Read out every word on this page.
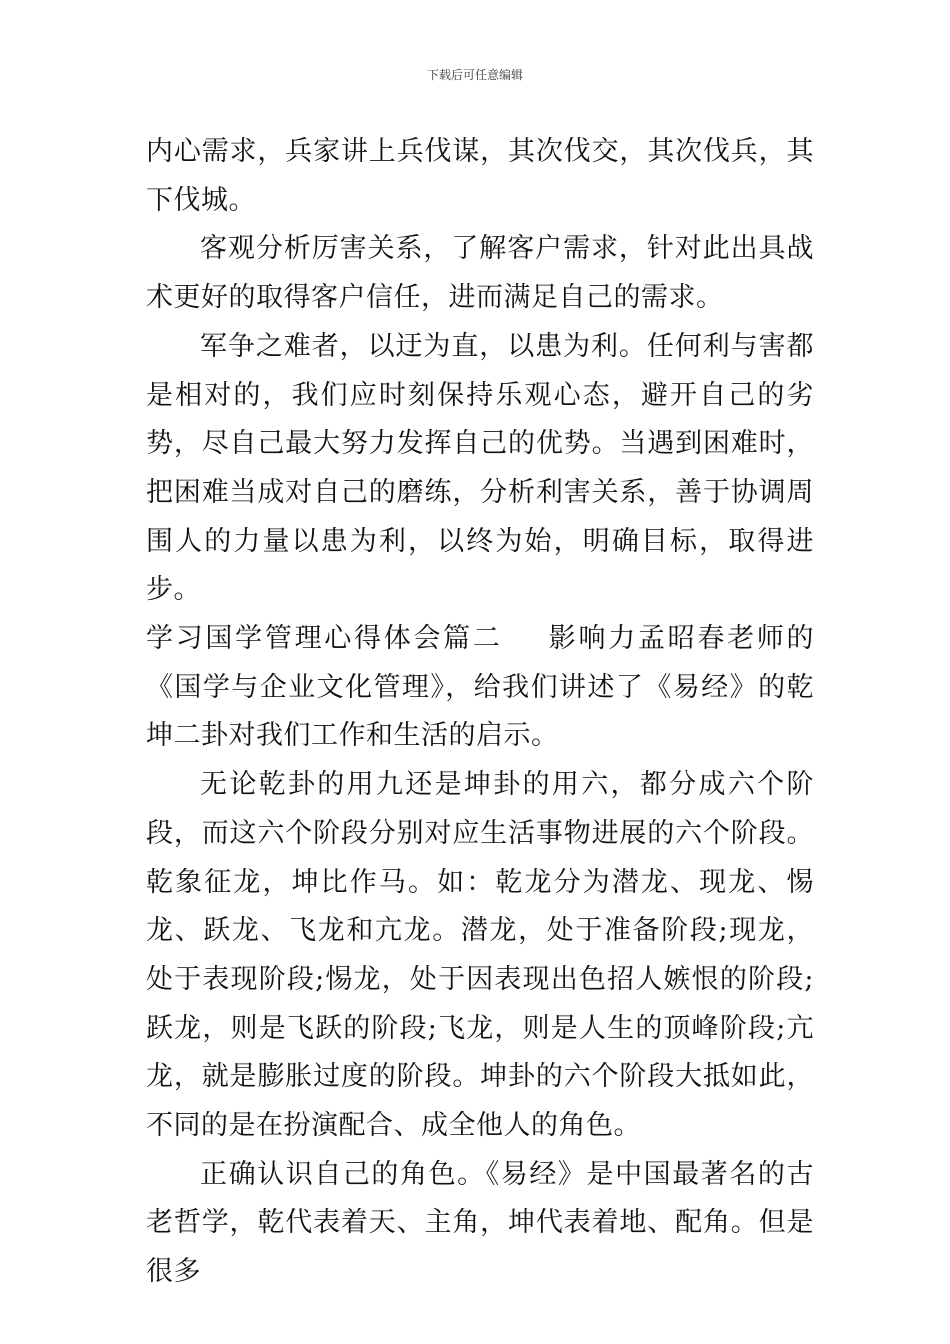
下载后可任意编辑

内心需求，兵家讲上兵伐谋，其次伐交，其次伐兵，其下伐城。

客观分析厉害关系，了解客户需求，针对此出具战术更好的取得客户信任，进而满足自己的需求。

军争之难者，以迂为直，以患为利。任何利与害都是相对的，我们应时刻保持乐观心态，避开自己的劣势，尽自己最大努力发挥自己的优势。当遇到困难时，把困难当成对自己的磨练，分析利害关系，善于协调周围人的力量以患为利，以终为始，明确目标，取得进步。

学习国学管理心得体会篇二 影响力孟昭春老师的《国学与企业文化管理》，给我们讲述了《易经》的乾坤二卦对我们工作和生活的启示。

无论乾卦的用九还是坤卦的用六，都分成六个阶段，而这六个阶段分别对应生活事物进展的六个阶段。乾象征龙，坤比作马。如：乾龙分为潜龙、现龙、惕龙、跃龙、飞龙和亢龙。潜龙，处于准备阶段;现龙，处于表现阶段;惕龙，处于因表现出色招人嫉恨的阶段;跃龙，则是飞跃的阶段;飞龙，则是人生的顶峰阶段;亢龙，就是膨胀过度的阶段。坤卦的六个阶段大抵如此，不同的是在扮演配合、成全他人的角色。

正确认识自己的角色。《易经》是中国最著名的古老哲学，乾代表着天、主角，坤代表着地、配角。但是很多
